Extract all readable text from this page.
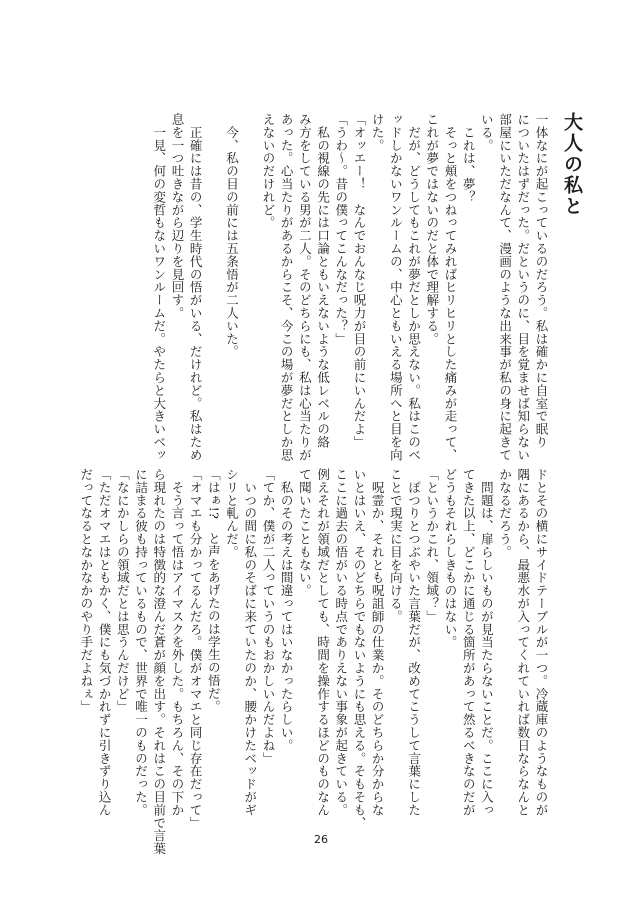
大人の私と
一体なにが起こっているのだろう。私は確かに自室で眠り
についたはずだった。だというのに、目を覚ませば知らない
部屋にいただなんて、漫画のような出来事が私の身に起きて
いる。
　これは、夢？
　そっと頬をつねってみればヒリヒリとした痛みが走って、
これが夢ではないのだと体で理解する。
　だが、どうしてもこれが夢だとしか思えない。私はこのベ
ッドしかないワンルームの、中心ともいえる場所へと目を向
けた。
「オッエー！　なんでおんなじ呪力が目の前にいんだよ」
「うわ～。昔の僕ってこんなだった？」
　私の視線の先には口論ともいえないような低レベルの絡
み方をしている男が二人。そのどちらにも、私は心当たりが
あった。心当たりがあるからこそ、今この場が夢だとしか思
えないのだけれど。
　今、私の目の前には五条悟が二人いた。
　正確には昔の、学生時代の悟がいる、だけれど。私はため
息を一つ吐きながら辺りを見回す。
　一見、何の変哲もないワンルームだ。やたらと大きいベッ
ドとその横にサイドテーブルが一つ。冷蔵庫のようなものが
隅にあるから、最悪水が入ってくれていれば数日ならなんと
かなるだろう。
　問題は、扉らしいものが見当たらないことだ。ここに入っ
てきた以上、どこかに通じる箇所があって然るべきなのだが
どうもそれらしきものはない。
「というかこれ、領域？」
　ぽつりとつぶやいた言葉だが、改めてこうして言葉にした
ことで現実に目を向ける。
　呪霊か、それとも呪詛師の仕業か。そのどちらか分からな
いとはいえ、そのどちらでもないようにも思える。そもそも、
ここに過去の悟がいる時点でありえない事象が起きている。
例えそれが領域だとしても、時間を操作するほどのものなん
て聞いたこともない。
　私のその考えは間違ってはいなかったらしい。
「てか、僕が二人っていうのもおかしいんだよね」
　いつの間に私のそばに来ていたのか、腰かけたベッドがギ
シリと軋んだ。
「はぁ!?　と声をあげたのは学生の悟だ。
「オマエも分かってるんだろ。僕がオマエと同じ存在だって」
　そう言って悟はアイマスクを外した。もちろん、その下か
ら現れたのは特徴的な澄んだ蒼が顔を出す。それはこの目前で言葉
に詰まる彼も持っているもので、世界で唯一のものだった。
「なにかしらの領域だとは思うんだけど」
「ただオマエはともかく、僕にも気づかれずに引きずり込ん
だってなるとなかなかのやり手だよねぇ」
26
